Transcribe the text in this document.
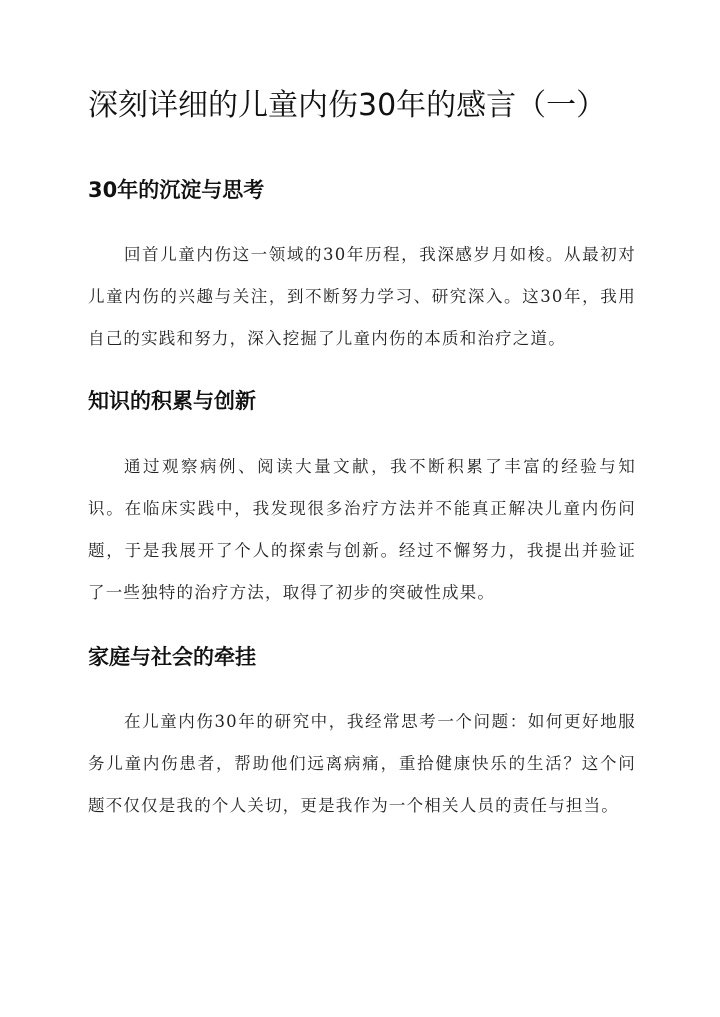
深刻详细的儿童内伤30年的感言（一）
30年的沉淀与思考

回首儿童内伤这一领域的30年历程，我深感岁月如梭。从最初对儿童内伤的兴趣与关注，到不断努力学习、研究深入。这30年，我用自己的实践和努力，深入挖掘了儿童内伤的本质和治疗之道。

知识的积累与创新

通过观察病例、阅读大量文献，我不断积累了丰富的经验与知识。在临床实践中，我发现很多治疗方法并不能真正解决儿童内伤问题，于是我展开了个人的探索与创新。经过不懈努力，我提出并验证了一些独特的治疗方法，取得了初步的突破性成果。

家庭与社会的牵挂

在儿童内伤30年的研究中，我经常思考一个问题：如何更好地服务儿童内伤患者，帮助他们远离病痛，重拾健康快乐的生活？这个问题不仅仅是我的个人关切，更是我作为一个相关人员的责任与担当。
